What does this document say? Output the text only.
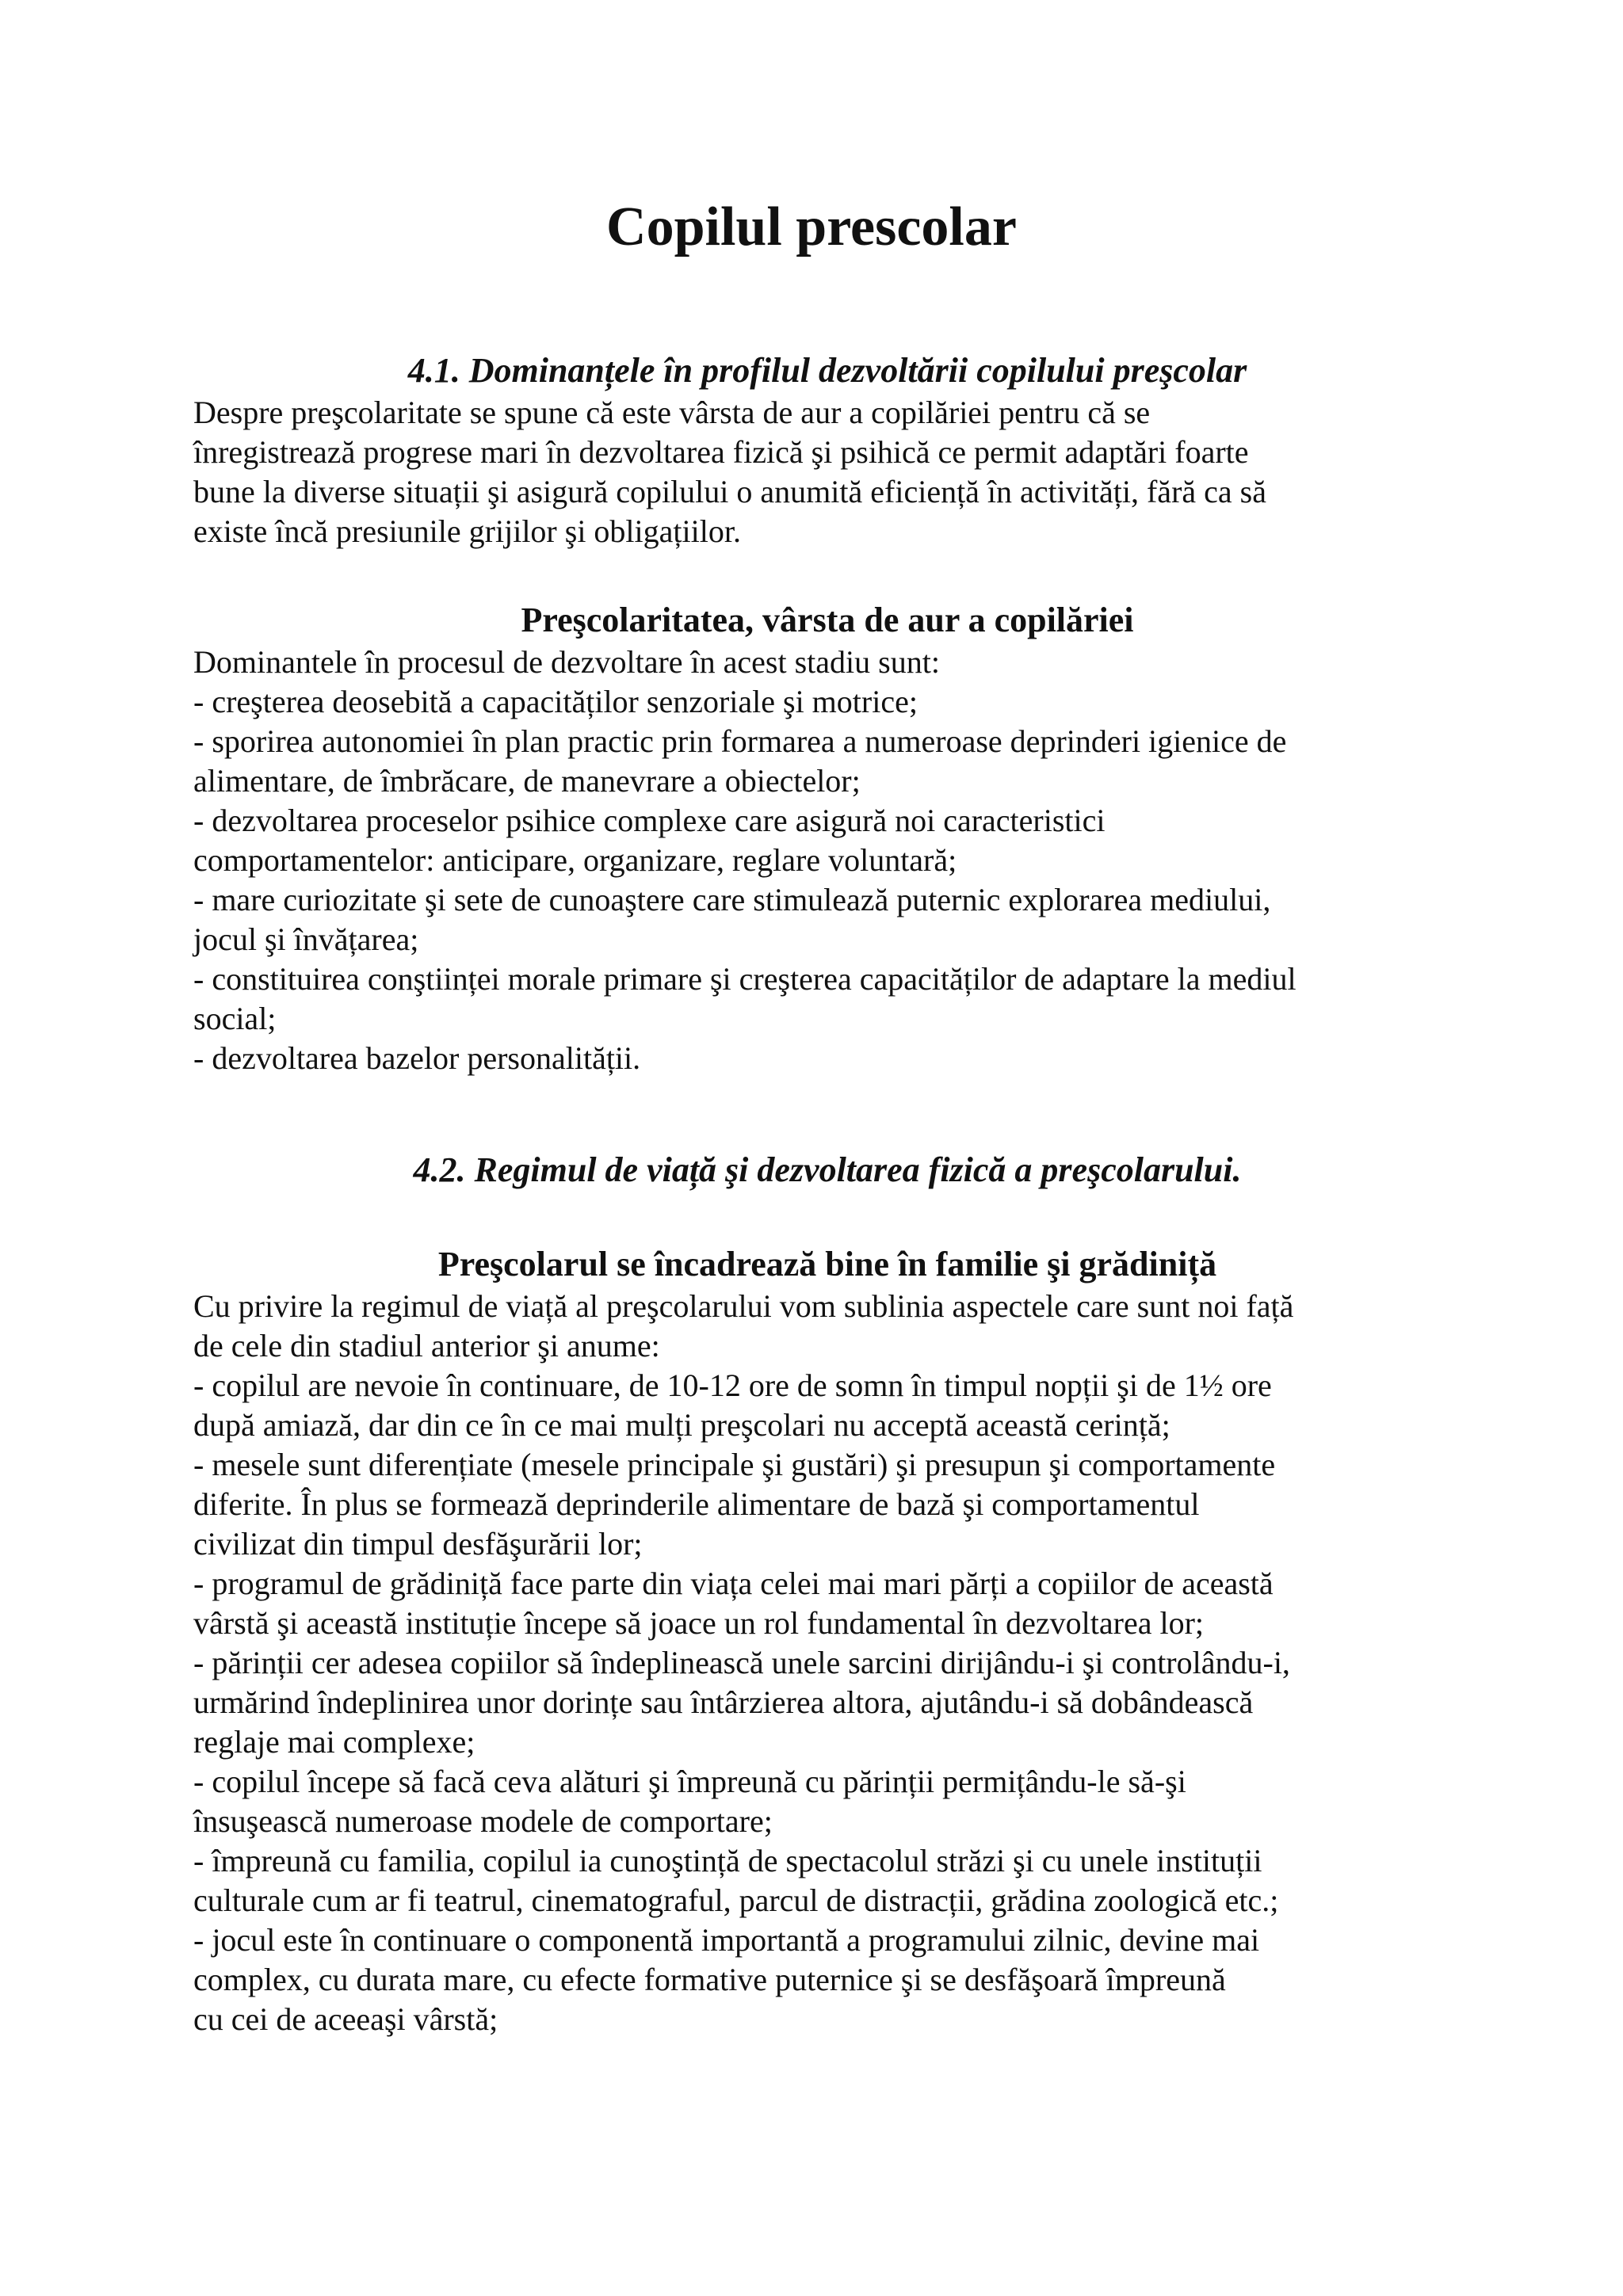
Copilul prescolar
4.1. Dominanțele în profilul dezvoltării copilului preşcolar

Despre preşcolaritate se spune că este vârsta de aur a copilăriei pentru că se

înregistrează progrese mari în dezvoltarea fizică şi psihică ce permit adaptări foarte

bune la diverse situații şi asigură copilului o anumită eficiență în activități, fără ca să

existe încă presiunile grijilor şi obligațiilor.

Preşcolaritatea, vârsta de aur a copilăriei

Dominantele în procesul de dezvoltare în acest stadiu sunt:

- creşterea deosebită a capacităților senzoriale şi motrice;

- sporirea autonomiei în plan practic prin formarea a numeroase deprinderi igienice de

alimentare, de îmbrăcare, de manevrare a obiectelor;

- dezvoltarea proceselor psihice complexe care asigură noi caracteristici

comportamentelor: anticipare, organizare, reglare voluntară;

- mare curiozitate şi sete de cunoaştere care stimulează puternic explorarea mediului,

jocul şi învățarea;

- constituirea conştiinței morale primare şi creşterea capacităților de adaptare la mediul

social;

- dezvoltarea bazelor personalității.

4.2. Regimul de viață şi dezvoltarea fizică a preşcolarului.
Preşcolarul se încadrează bine în familie şi grădiniță

Cu privire la regimul de viață al preşcolarului vom sublinia aspectele care sunt noi față

de cele din stadiul anterior şi anume:

- copilul are nevoie în continuare, de 10-12 ore de somn în timpul nopții şi de 1½ ore

după amiază, dar din ce în ce mai mulți preşcolari nu acceptă această cerință;

- mesele sunt diferențiate (mesele principale şi gustări) şi presupun şi comportamente

diferite. În plus se formează deprinderile alimentare de bază şi comportamentul

civilizat din timpul desfăşurării lor;

- programul de grădiniță face parte din viața celei mai mari părți a copiilor de această

vârstă şi această instituție începe să joace un rol fundamental în dezvoltarea lor;

- părinții cer adesea copiilor să îndeplinească unele sarcini dirijându-i şi controlându-i,

urmărind îndeplinirea unor dorințe sau întârzierea altora, ajutându-i să dobândească

reglaje mai complexe;

- copilul începe să facă ceva alături şi împreună cu părinții permițându-le să-şi

însuşească numeroase modele de comportare;

- împreună cu familia, copilul ia cunoştință de spectacolul străzi şi cu unele instituții

culturale cum ar fi teatrul, cinematograful, parcul de distracții, grădina zoologică etc.;

- jocul este în continuare o componentă importantă a programului zilnic, devine mai

complex, cu durata mare, cu efecte formative puternice şi se desfăşoară împreună

cu cei de aceeaşi vârstă;
